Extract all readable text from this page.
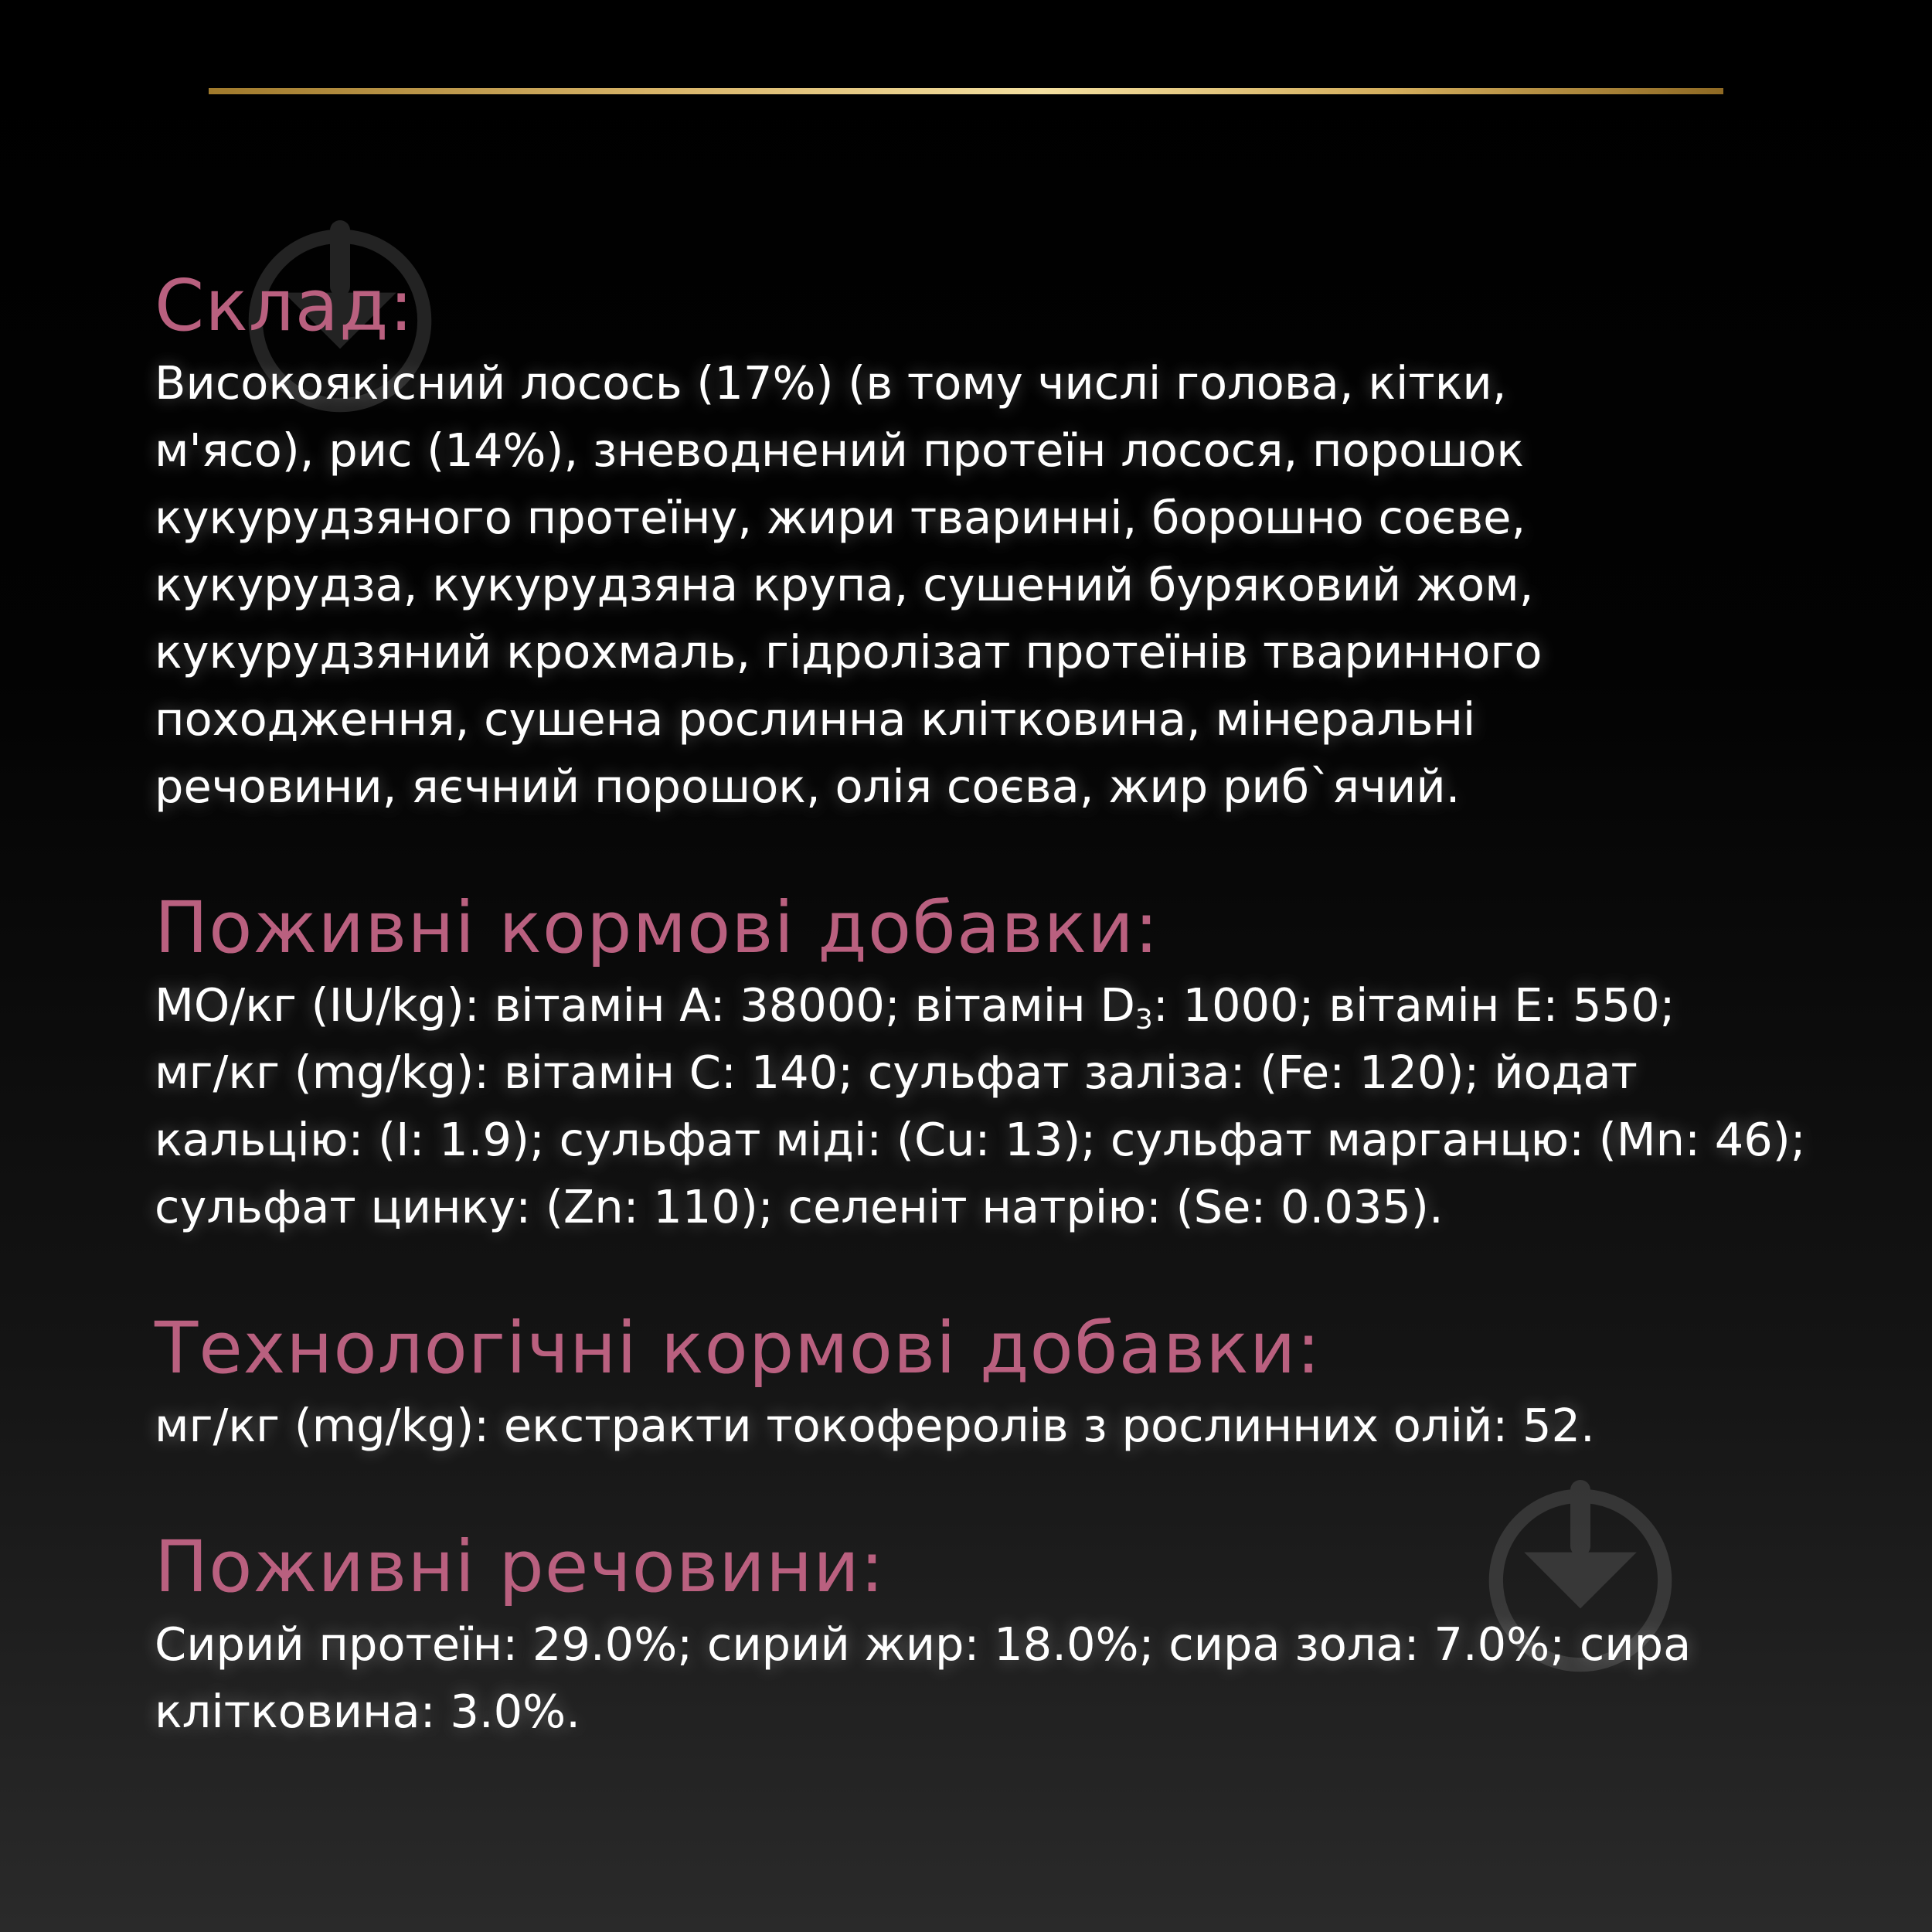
Склад:
Високоякісний лосось (17%) (в тому числі голова, кітки,
м'ясо), рис (14%), зневоднений протеїн лосося, порошок
кукурудзяного протеїну, жири тваринні, борошно соєве,
кукурудза, кукурудзяна крупа, сушений буряковий жом,
кукурудзяний крохмаль, гідролізат протеїнів тваринного
походження, сушена рослинна клітковина, мінеральні
речовини, яєчний порошок, олія соєва, жир риб`ячий.
Поживні кормові добавки:
МО/кг (IU/kg): вітамін A: 38000; вітамін $D_3$: 1000; вітамін E: 550;
мг/кг (mg/kg): вітамін C: 140; сульфат заліза: (Fe: 120); йодат кальцію: (I: 1.9); сульфат міді: (Cu: 13); сульфат марганцю: (Mn: 46); сульфат цинку: (Zn: 110); селеніт натрію: (Se: 0.035).
Технологічні кормові добавки:
мг/кг (mg/kg): екстракти токоферолів з рослинних олій: 52.
Поживні речовини:
Сирий протеїн: 29.0%; сирий жир: 18.0%; сира зола: 7.0%; сира клітковина: 3.0%.
